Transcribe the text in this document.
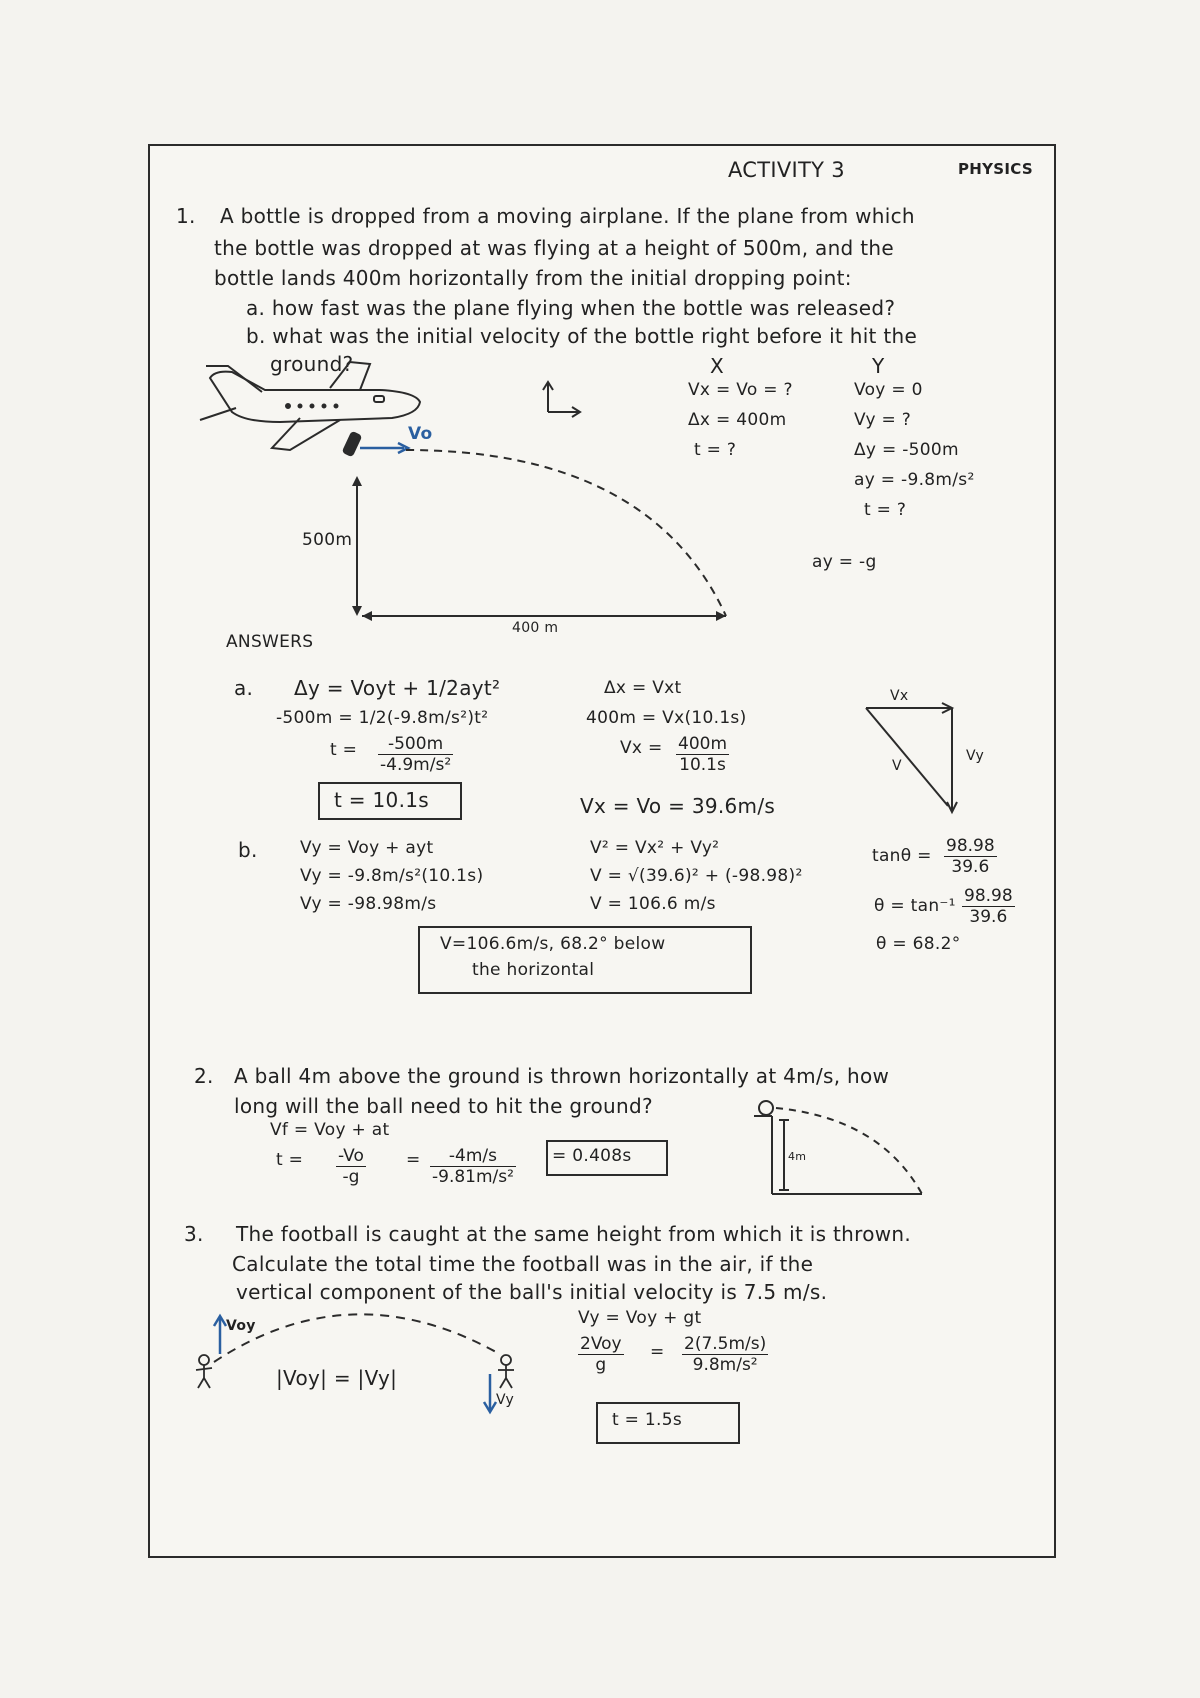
ACTIVITY 3	PHYSICS
1. A bottle is dropped from a moving airplane. If the plane from which
the bottle was dropped at was flying at a height of 500m, and the
bottle lands 400m horizontally from the initial dropping point:
a. how fast was the plane flying when the bottle was released?
b. what was the initial velocity of the bottle right before it hit the
ground?	X	Y
Vx = Vo = ?
Δx = 400m
t = ?
Voy = 0
Vy = ?
Δy = -500m
ay = -9.8m/s²
t = ?
ay = -g
Vo
500m
400 m
ANSWERS
a. Δy = Voyt + 1/2ayt²
-500m = 1/2(-9.8m/s²)t²
$t = \frac{-500m}{\text{-4.9m/s²}}$
t = 10.1s
Δx = Vxt
400m = Vx(10.1s)
$Vx = \frac{400m}{10.1s}$
Vx = Vo = 39.6m/s
Vx
Vy
V
b. Vy = Voy + ayt
Vy = -9.8m/s²(10.1s)
Vy = -98.98m/s
V² = Vx² + Vy²
V = √(39.6)² + (-98.98)²
V = 106.6 m/s
$\tan\theta = \frac{98.98}{39.6}$
$\theta = \tan^{-1} \frac{98.98}{39.6}$
θ = 68.2°
V=106.6m/s, 68.2° below
the horizontal
2. A ball 4m above the ground is thrown horizontally at 4m/s, how
long will the ball need to hit the ground?
Vf = Voy + at
$t = \frac{-Vo}{-g} = \frac{-4m/s}{\text{-9.81m/s²}} = 0.408s$	4m
3. The football is caught at the same height from which it is thrown.
Calculate the total time the football was in the air, if the
vertical component of the ball's initial velocity is 7.5 m/s.
Voy
Vy
|Voy| = |Vy|
Vy = Voy + gt
2Voy
g
= $\frac{2(7.5m/s)}{\text{9.8m/s²}}$
t = 1.5s
